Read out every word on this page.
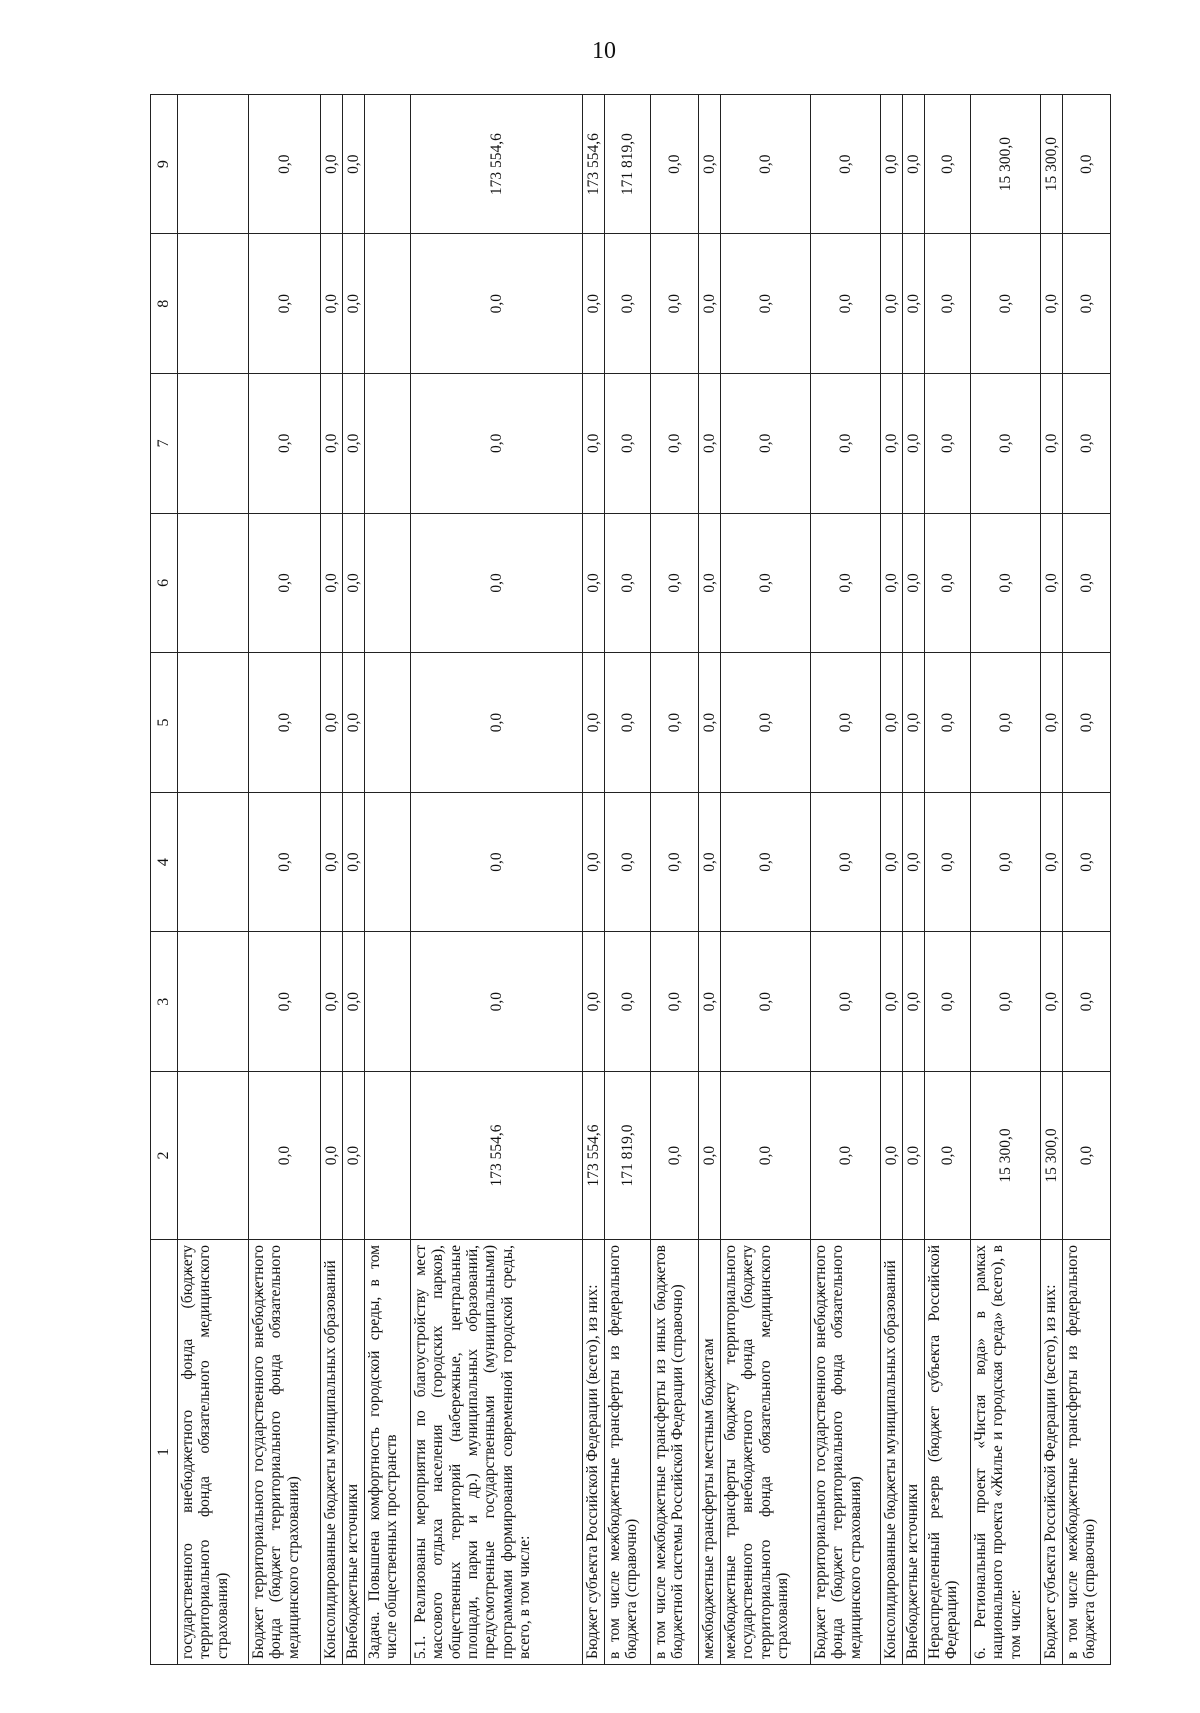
10
1	2	3	4	5	6	7	8	9
государственного внебюджетного фонда (бюджету территориального фонда обязательного медицинского страхования)								
Бюджет территориального государственного внебюджетного фонда (бюджет территориального фонда обязательного медицинского страхования)	0,0	0,0	0,0	0,0	0,0	0,0	0,0	0,0
Консолидированные бюджеты муниципальных образований	0,0	0,0	0,0	0,0	0,0	0,0	0,0	0,0
Внебюджетные источники	0,0	0,0	0,0	0,0	0,0	0,0	0,0	0,0
Задача. Повышена комфортность городской среды, в том числе общественных пространств								
5.1. Реализованы мероприятия по благоустройству мест массового отдыха населения (городских парков), общественных территорий (набережные, центральные площади, парки и др.) муниципальных образований, предусмотренные государственными (муниципальными) программами формирования современной городской среды, всего, в том числе:	173 554,6	0,0	0,0	0,0	0,0	0,0	0,0	173 554,6
Бюджет субъекта Российской Федерации (всего), из них:	173 554,6	0,0	0,0	0,0	0,0	0,0	0,0	173 554,6
в том числе межбюджетные трансферты из федерального бюджета (справочно)	171 819,0	0,0	0,0	0,0	0,0	0,0	0,0	171 819,0
в том числе межбюджетные трансферты из иных бюджетов бюджетной системы Российской Федерации (справочно)	0,0	0,0	0,0	0,0	0,0	0,0	0,0	0,0
межбюджетные трансферты местным бюджетам	0,0	0,0	0,0	0,0	0,0	0,0	0,0	0,0
межбюджетные трансферты бюджету территориального государственного внебюджетного фонда (бюджету территориального фонда обязательного медицинского страхования)	0,0	0,0	0,0	0,0	0,0	0,0	0,0	0,0
Бюджет территориального государственного внебюджетного фонда (бюджет территориального фонда обязательного медицинского страхования)	0,0	0,0	0,0	0,0	0,0	0,0	0,0	0,0
Консолидированные бюджеты муниципальных образований	0,0	0,0	0,0	0,0	0,0	0,0	0,0	0,0
Внебюджетные источники	0,0	0,0	0,0	0,0	0,0	0,0	0,0	0,0
Нераспределенный резерв (бюджет субъекта Российской Федерации)	0,0	0,0	0,0	0,0	0,0	0,0	0,0	0,0
6. Региональный проект «Чистая вода» в рамках национального проекта «Жилье и городская среда» (всего), в том числе:	15 300,0	0,0	0,0	0,0	0,0	0,0	0,0	15 300,0
Бюджет субъекта Российской Федерации (всего), из них:	15 300,0	0,0	0,0	0,0	0,0	0,0	0,0	15 300,0
в том числе межбюджетные трансферты из федерального бюджета (справочно)	0,0	0,0	0,0	0,0	0,0	0,0	0,0	0,0
